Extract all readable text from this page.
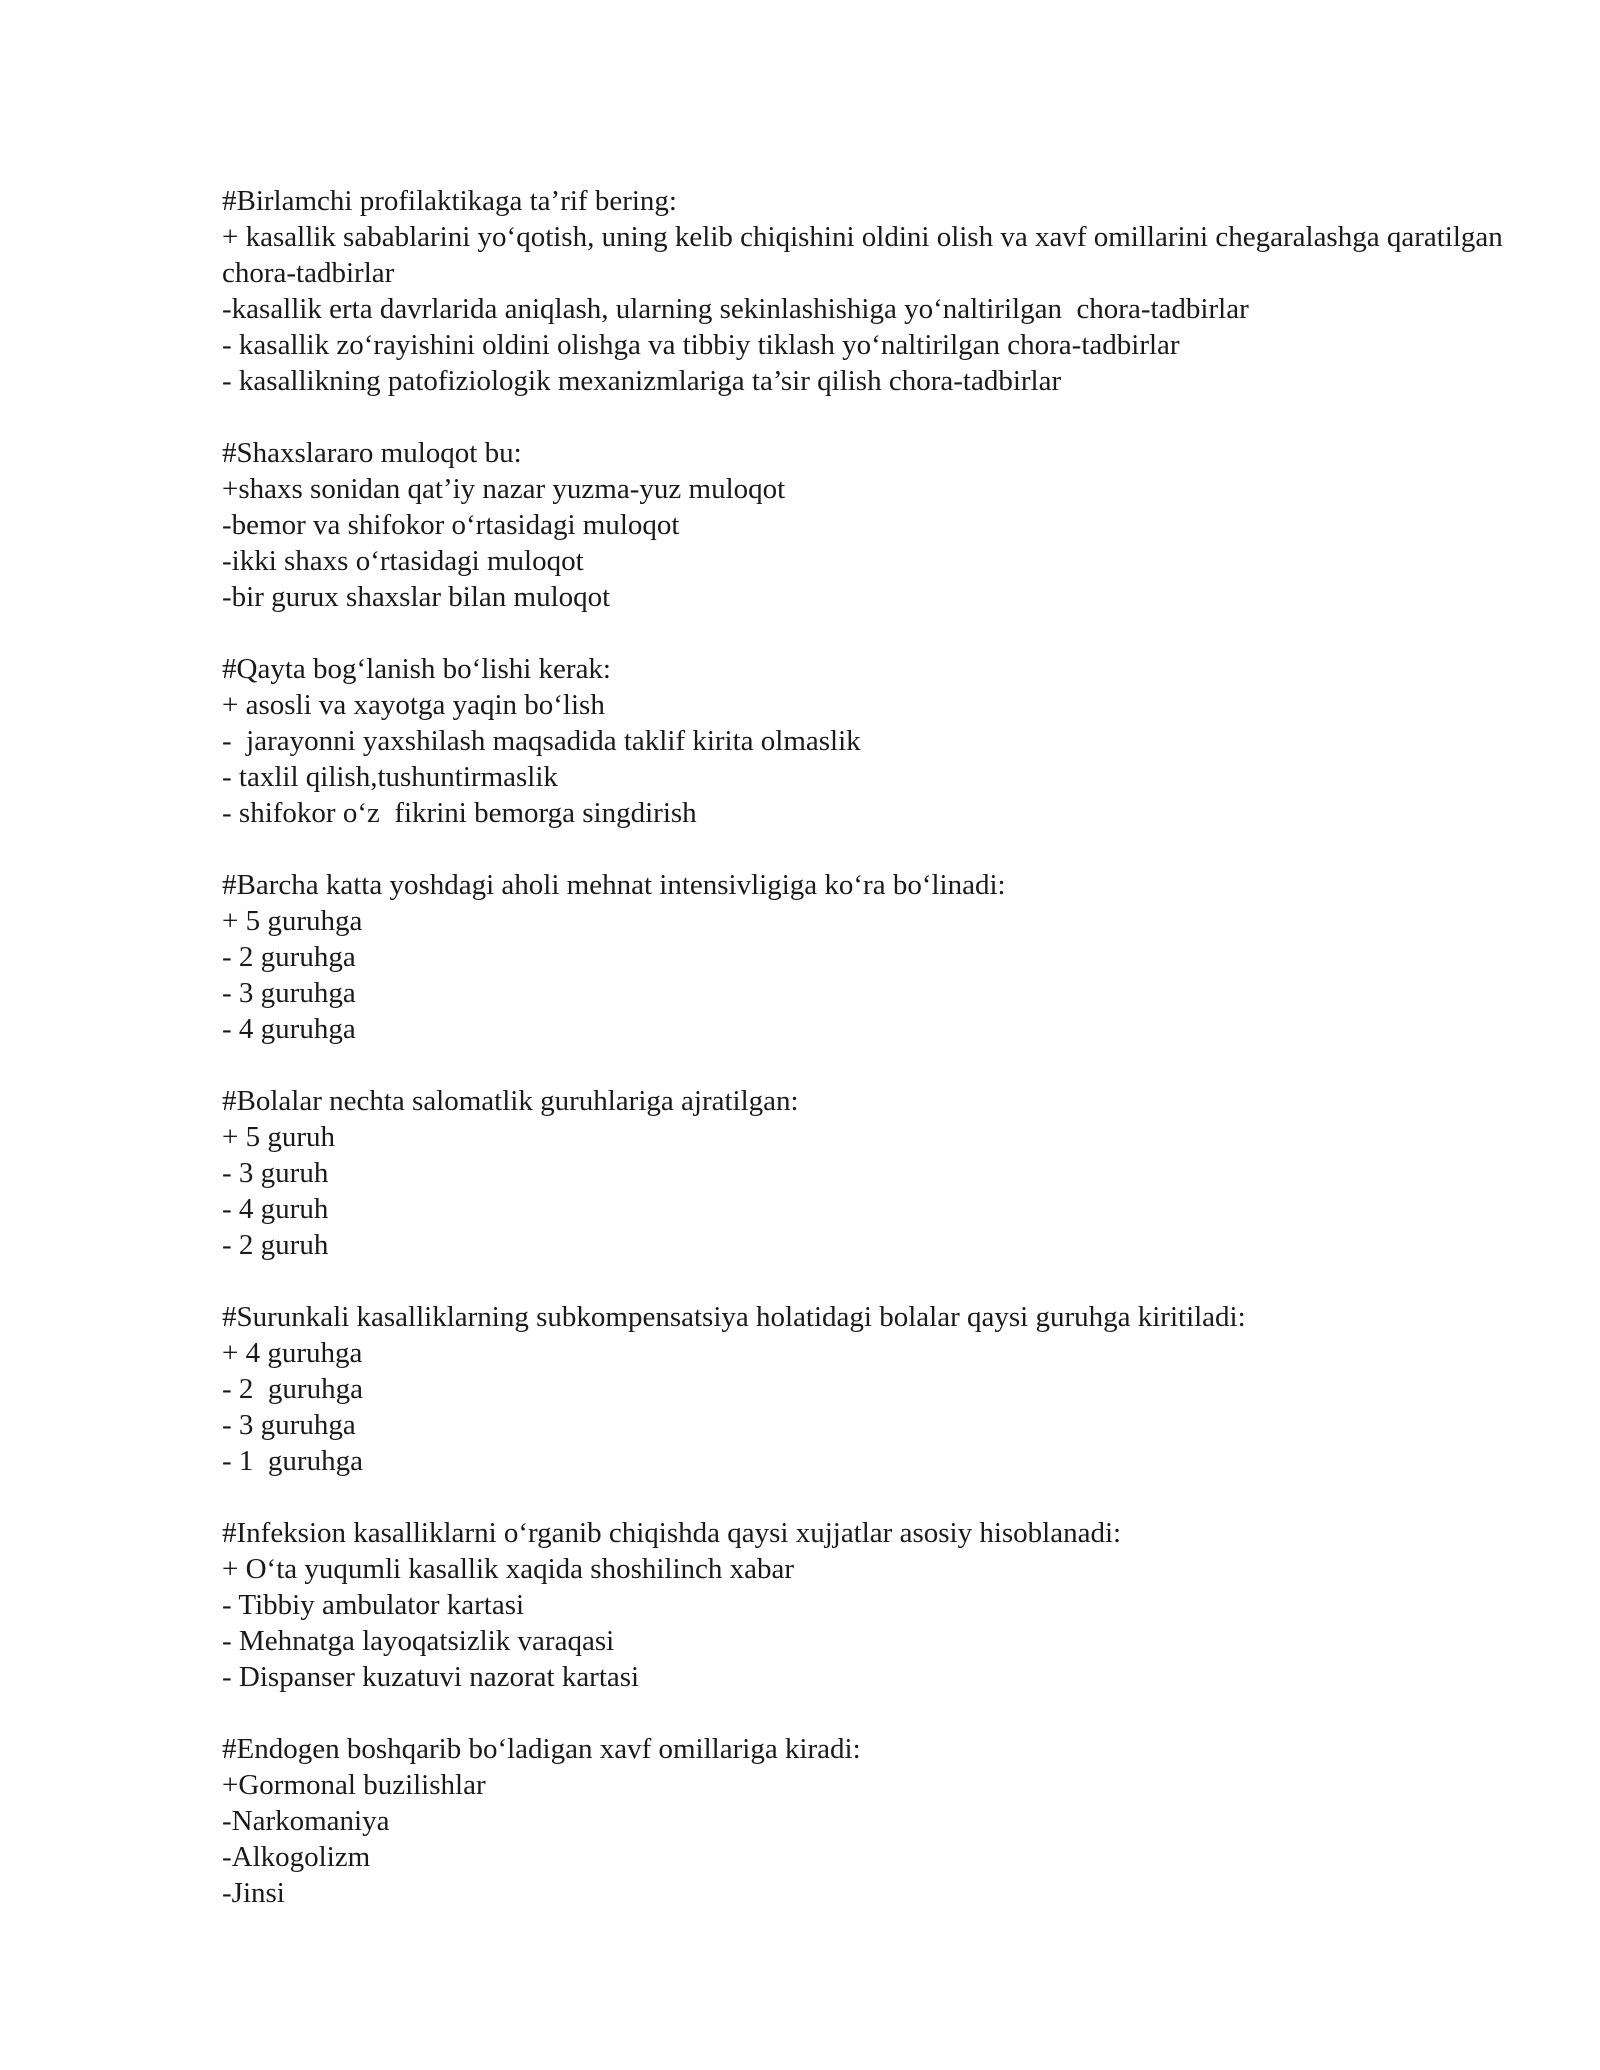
#Birlamchi profilaktikaga ta’rif bering:
+ kasallik sabablarini yo‘qotish, uning kelib chiqishini oldini olish va xavf omillarini chegaralashga qaratilgan chora-tadbirlar
-kasallik erta davrlarida aniqlash, ularning sekinlashishiga yo‘naltirilgan  chora-tadbirlar
- kasallik zo‘rayishini oldini olishga va tibbiy tiklash yo‘naltirilgan chora-tadbirlar
- kasallikning patofiziologik mexanizmlariga ta’sir qilish chora-tadbirlar
#Shaxslararo muloqot bu:
+shaxs sonidan qat’iy nazar yuzma-yuz muloqot
-bemor va shifokor o‘rtasidagi muloqot
-ikki shaxs o‘rtasidagi muloqot
-bir gurux shaxslar bilan muloqot
#Qayta bog‘lanish bo‘lishi kerak:
+ asosli va xayotga yaqin bo‘lish
-  jarayonni yaxshilash maqsadida taklif kirita olmaslik
- taxlil qilish,tushuntirmaslik
- shifokor o‘z  fikrini bemorga singdirish
#Barcha katta yoshdagi aholi mehnat intensivligiga ko‘ra bo‘linadi:
+ 5 guruhga
- 2 guruhga
- 3 guruhga
- 4 guruhga
#Bolalar nechta salomatlik guruhlariga ajratilgan:
+ 5 guruh
- 3 guruh
- 4 guruh
- 2 guruh
#Surunkali kasalliklarning subkompensatsiya holatidagi bolalar qaysi guruhga kiritiladi:
+ 4 guruhga
- 2  guruhga
- 3 guruhga
- 1  guruhga
#Infeksion kasalliklarni o‘rganib chiqishda qaysi xujjatlar asosiy hisoblanadi:
+ O‘ta yuqumli kasallik xaqida shoshilinch xabar
- Tibbiy ambulator kartasi
- Mehnatga layoqatsizlik varaqasi
- Dispanser kuzatuvi nazorat kartasi
#Endogen boshqarib bo‘ladigan xavf omillariga kiradi:
+Gormonal buzilishlar
-Narkomaniya
-Alkogolizm
-Jinsi
